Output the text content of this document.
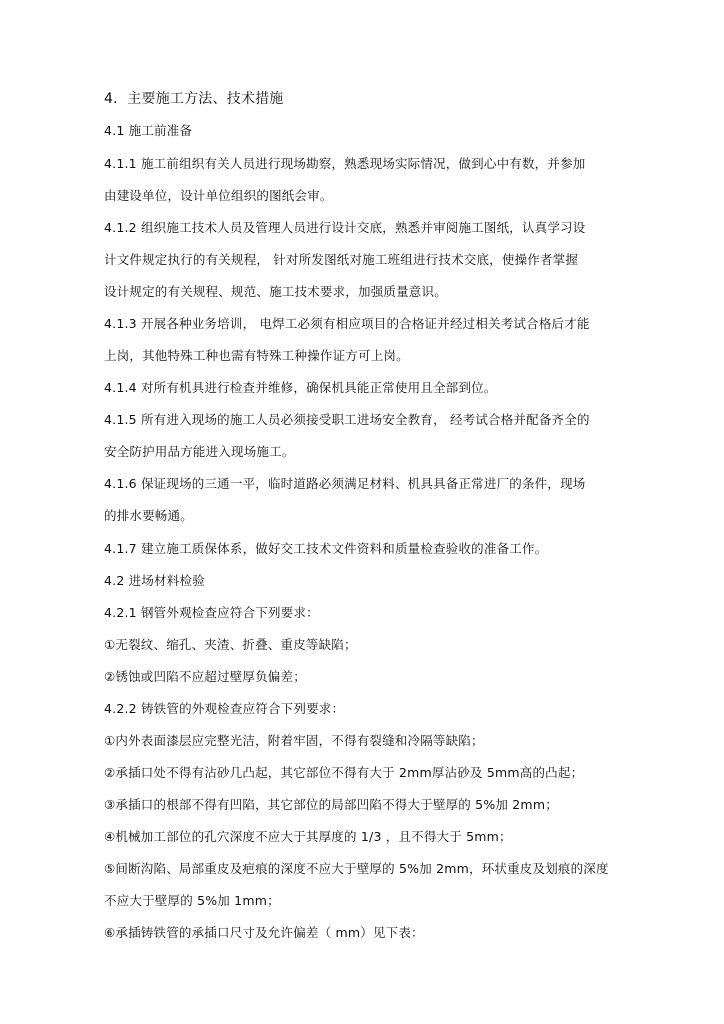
4．主要施工方法、技术措施
4.1 施工前准备
4.1.1 施工前组织有关人员进行现场勘察，熟悉现场实际情况，做到心中有数，并参加
由建设单位，设计单位组织的图纸会审。
4.1.2 组织施工技术人员及管理人员进行设计交底，熟悉并审阅施工图纸，认真学习设
计文件规定执行的有关规程， 针对所发图纸对施工班组进行技术交底，使操作者掌握
设计规定的有关规程、规范、施工技术要求，加强质量意识。
4.1.3 开展各种业务培训， 电焊工必须有相应项目的合格证并经过相关考试合格后才能
上岗，其他特殊工种也需有特殊工种操作证方可上岗。
4.1.4 对所有机具进行检查并维修，确保机具能正常使用且全部到位。
4.1.5 所有进入现场的施工人员必须接受职工进场安全教育， 经考试合格并配备齐全的
安全防护用品方能进入现场施工。
4.1.6 保证现场的三通一平，临时道路必须满足材料、机具具备正常进厂的条件，现场
的排水要畅通。
4.1.7 建立施工质保体系，做好交工技术文件资料和质量检查验收的准备工作。
4.2 进场材料检验
4.2.1 钢管外观检查应符合下列要求：
①无裂纹、缩孔、夹渣、折叠、重皮等缺陷；
②锈蚀或凹陷不应超过壁厚负偏差；
4.2.2 铸铁管的外观检查应符合下列要求：
①内外表面漆层应完整光洁，附着牢固，不得有裂缝和冷隔等缺陷；
②承插口处不得有沾砂几凸起，其它部位不得有大于 2mm厚沾砂及 5mm高的凸起；
③承插口的根部不得有凹陷，其它部位的局部凹陷不得大于壁厚的 5%加 2mm；
④机械加工部位的孔穴深度不应大于其厚度的 1/3 ，且不得大于 5mm；
⑤间断沟陷、局部重皮及疤痕的深度不应大于壁厚的 5%加 2mm，环状重皮及划痕的深度
不应大于壁厚的 5%加 1mm；
⑥承插铸铁管的承插口尺寸及允许偏差（ mm）见下表：
